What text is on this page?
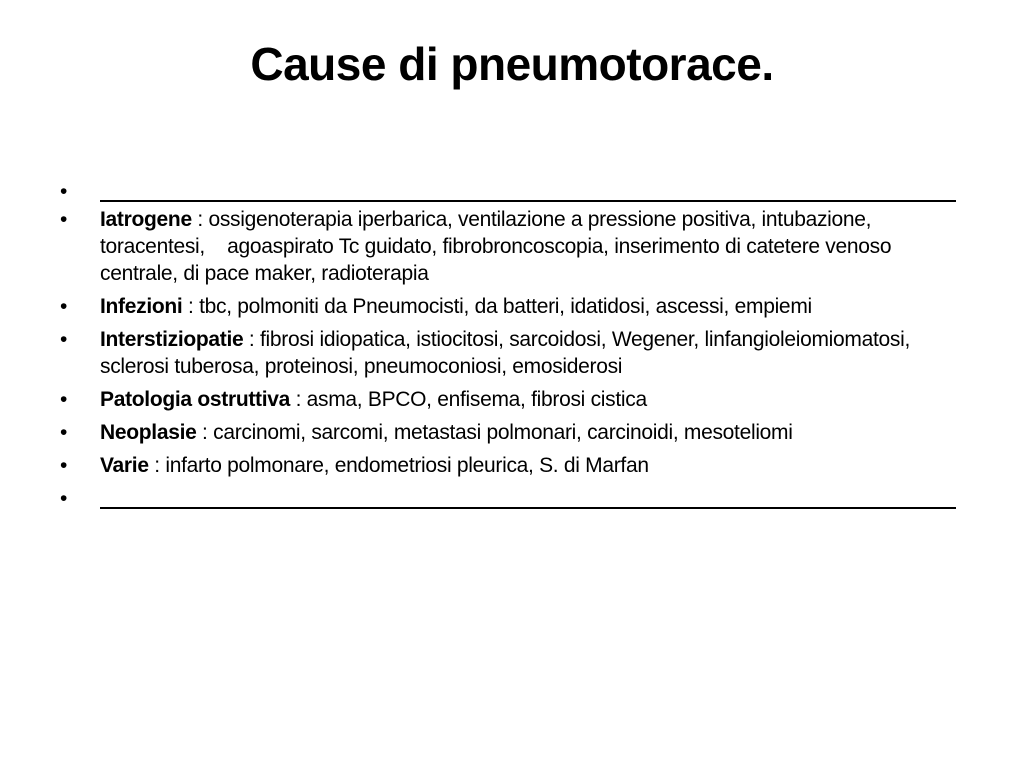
Cause di pneumotorace.
•
•	Iatrogene : ossigenoterapia iperbarica, ventilazione a pressione positiva, intubazione, toracentesi,    agoaspirato Tc guidato, fibrobroncoscopia, inserimento di catetere venoso centrale, di pace maker, radioterapia
•	Infezioni : tbc, polmoniti da Pneumocisti, da batteri, idatidosi, ascessi, empiemi
•	Interstiziopatie : fibrosi idiopatica, istiocitosi, sarcoidosi, Wegener, linfangioleiomiomatosi,   sclerosi tuberosa, proteinosi, pneumoconiosi, emosiderosi
•	Patologia ostruttiva : asma, BPCO, enfisema, fibrosi cistica
•	Neoplasie : carcinomi, sarcomi, metastasi polmonari, carcinoidi, mesoteliomi
•	Varie : infarto polmonare, endometriosi pleurica, S. di Marfan
•
